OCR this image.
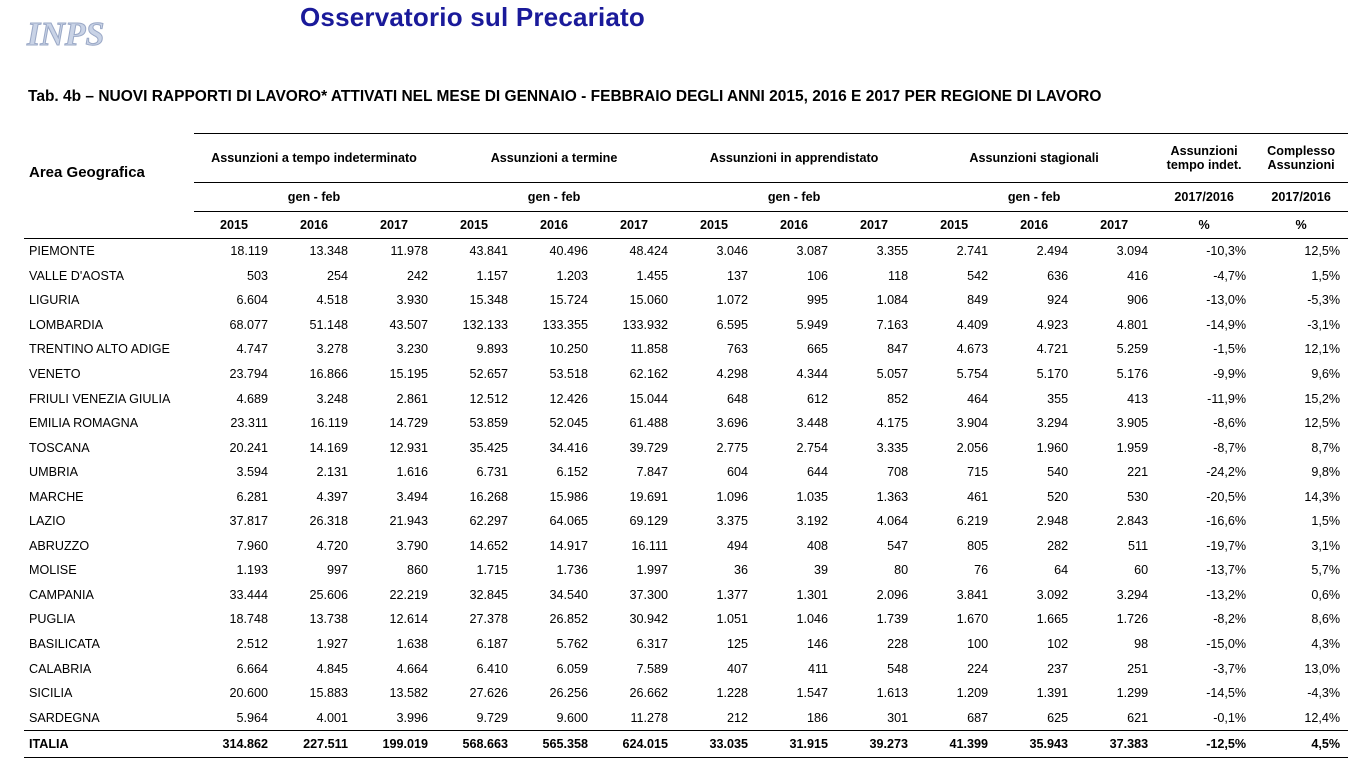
INPS	Osservatorio sul Precariato
Tab. 4b – NUOVI RAPPORTI DI LAVORO* ATTIVATI NEL MESE DI GENNAIO - FEBBRAIO DEGLI ANNI 2015, 2016 E 2017 PER REGIONE DI LAVORO
Area Geografica	Assunzioni a tempo indeterminato			Assunzioni a termine			Assunzioni in apprendistato			Assunzioni stagionali			Assunzioni tempo indet.	Complesso Assunzioni
	gen - feb			gen - feb			gen - feb			gen - feb			2017/2016	2017/2016
	2015	2016	2017	2015	2016	2017	2015	2016	2017	2015	2016	2017	%	%
PIEMONTE	18.119	13.348	11.978	43.841	40.496	48.424	3.046	3.087	3.355	2.741	2.494	3.094	-10,3%	12,5%
VALLE D'AOSTA	503	254	242	1.157	1.203	1.455	137	106	118	542	636	416	-4,7%	1,5%
LIGURIA	6.604	4.518	3.930	15.348	15.724	15.060	1.072	995	1.084	849	924	906	-13,0%	-5,3%
LOMBARDIA	68.077	51.148	43.507	132.133	133.355	133.932	6.595	5.949	7.163	4.409	4.923	4.801	-14,9%	-3,1%
TRENTINO ALTO ADIGE	4.747	3.278	3.230	9.893	10.250	11.858	763	665	847	4.673	4.721	5.259	-1,5%	12,1%
VENETO	23.794	16.866	15.195	52.657	53.518	62.162	4.298	4.344	5.057	5.754	5.170	5.176	-9,9%	9,6%
FRIULI VENEZIA GIULIA	4.689	3.248	2.861	12.512	12.426	15.044	648	612	852	464	355	413	-11,9%	15,2%
EMILIA ROMAGNA	23.311	16.119	14.729	53.859	52.045	61.488	3.696	3.448	4.175	3.904	3.294	3.905	-8,6%	12,5%
TOSCANA	20.241	14.169	12.931	35.425	34.416	39.729	2.775	2.754	3.335	2.056	1.960	1.959	-8,7%	8,7%
UMBRIA	3.594	2.131	1.616	6.731	6.152	7.847	604	644	708	715	540	221	-24,2%	9,8%
MARCHE	6.281	4.397	3.494	16.268	15.986	19.691	1.096	1.035	1.363	461	520	530	-20,5%	14,3%
LAZIO	37.817	26.318	21.943	62.297	64.065	69.129	3.375	3.192	4.064	6.219	2.948	2.843	-16,6%	1,5%
ABRUZZO	7.960	4.720	3.790	14.652	14.917	16.111	494	408	547	805	282	511	-19,7%	3,1%
MOLISE	1.193	997	860	1.715	1.736	1.997	36	39	80	76	64	60	-13,7%	5,7%
CAMPANIA	33.444	25.606	22.219	32.845	34.540	37.300	1.377	1.301	2.096	3.841	3.092	3.294	-13,2%	0,6%
PUGLIA	18.748	13.738	12.614	27.378	26.852	30.942	1.051	1.046	1.739	1.670	1.665	1.726	-8,2%	8,6%
BASILICATA	2.512	1.927	1.638	6.187	5.762	6.317	125	146	228	100	102	98	-15,0%	4,3%
CALABRIA	6.664	4.845	4.664	6.410	6.059	7.589	407	411	548	224	237	251	-3,7%	13,0%
SICILIA	20.600	15.883	13.582	27.626	26.256	26.662	1.228	1.547	1.613	1.209	1.391	1.299	-14,5%	-4,3%
SARDEGNA	5.964	4.001	3.996	9.729	9.600	11.278	212	186	301	687	625	621	-0,1%	12,4%
ITALIA	314.862	227.511	199.019	568.663	565.358	624.015	33.035	31.915	39.273	41.399	35.943	37.383	-12,5%	4,5%
